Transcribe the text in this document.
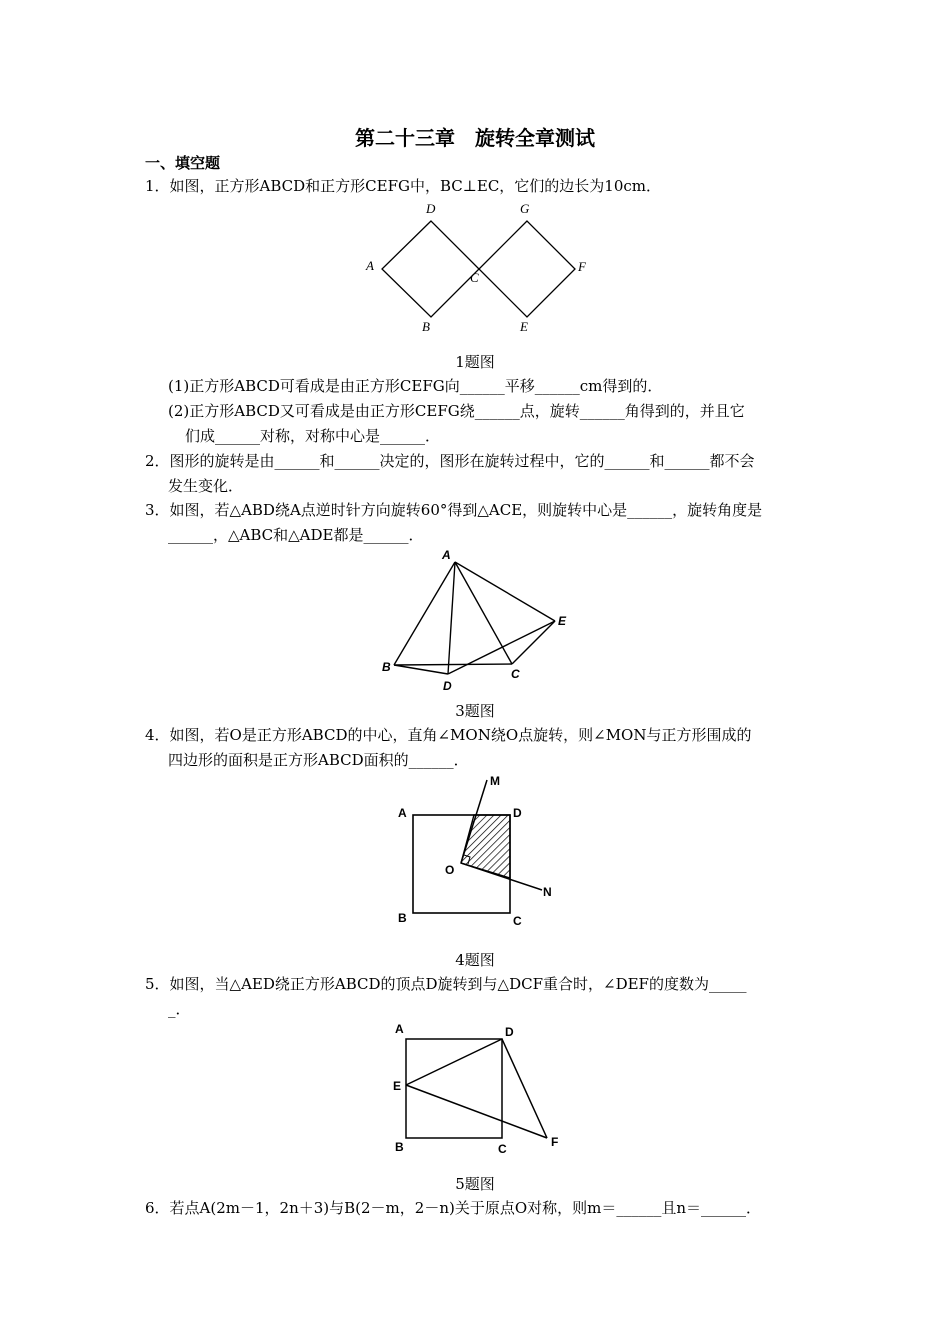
第二十三章　旋转全章测试
一、填空题
1．如图，正方形ABCD和正方形CEFG中，BC⊥EC，它们的边长为10cm．
D	G
A
C
F
B	E
1题图
(1)正方形ABCD可看成是由正方形CEFG向______平移______cm得到的．
(2)正方形ABCD又可看成是由正方形CEFG绕______点，旋转______角得到的，并且它
们成______对称，对称中心是______．
2．图形的旋转是由______和______决定的，图形在旋转过程中，它的______和______都不会
发生变化．
3．如图，若△ABD绕A点逆时针方向旋转60°得到△ACE，则旋转中心是______，旋转角度是
______，△ABC和△ADE都是______．
A
E
B	C
D
3题图
4．如图，若O是正方形ABCD的中心，直角∠MON绕O点旋转，则∠MON与正方形围成的
四边形的面积是正方形ABCD面积的______．
M
A	D
O
N
B	C
4题图
5．如图，当△AED绕正方形ABCD的顶点D旋转到与△DCF重合时，∠DEF的度数为_____
_．
A	D
E
B	C	F
5题图
6．若点A(2m－1，2n＋3)与B(2－m，2－n)关于原点O对称，则m＝______且n＝______．
